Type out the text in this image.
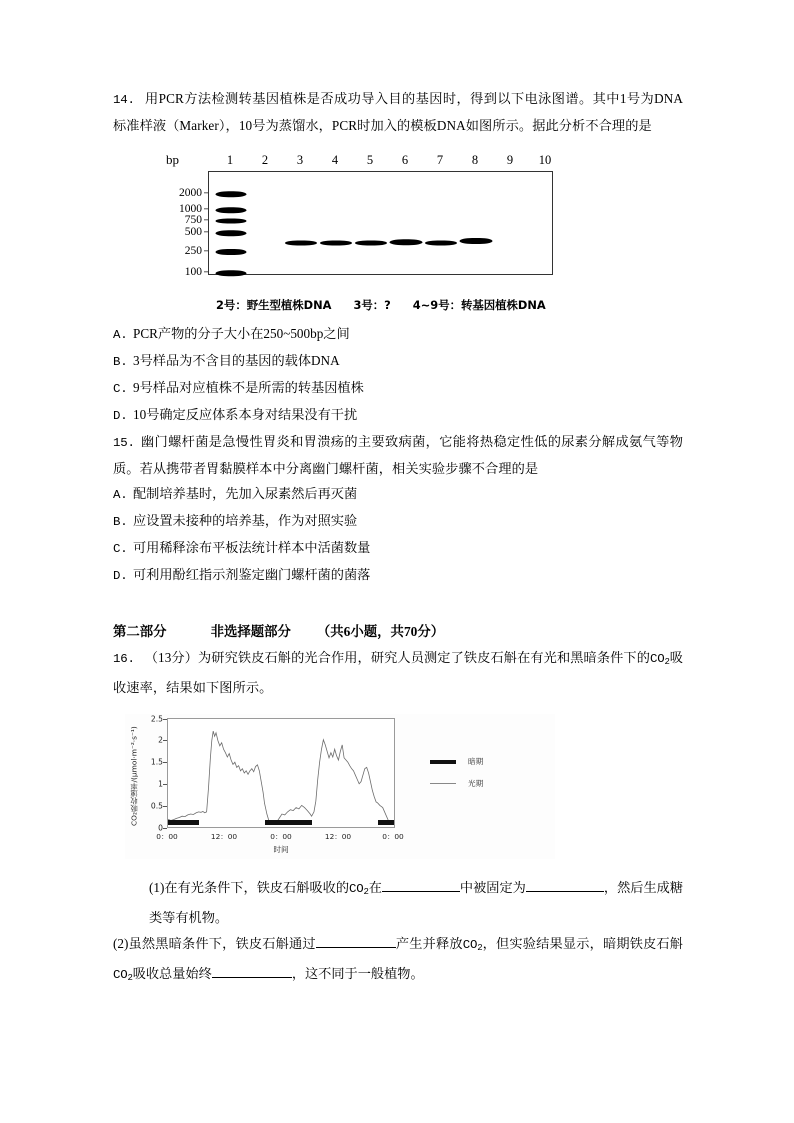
14. 用PCR方法检测转基因植株是否成功导入目的基因时，得到以下电泳图谱。其中1号为DNA标准样液（Marker），10号为蒸馏水，PCR时加入的模板DNA如图所示。据此分析不合理的是
bp	1 2 3 4 5 6 7 8 9 10
2000
1000
750
500
250
100
2号：野生型植株DNA 3号：? 4~9号：转基因植株DNA
A. PCR产物的分子大小在250~500bp之间
B. 3号样品为不含目的基因的载体DNA
C. 9号样品对应植株不是所需的转基因植株
D. 10号确定反应体系本身对结果没有干扰
15. 幽门螺杆菌是急慢性胃炎和胃溃疡的主要致病菌，它能将热稳定性低的尿素分解成氨气等物质。若从携带者胃黏膜样本中分离幽门螺杆菌，相关实验步骤不合理的是
A. 配制培养基时，先加入尿素然后再灭菌
B. 应设置未接种的培养基，作为对照实验
C. 可用稀释涂布平板法统计样本中活菌数量
D. 可利用酚红指示剂鉴定幽门螺杆菌的菌落
第二部分	非选择题部分 （共6小题，共70分）
16. （13分）为研究铁皮石斛的光合作用，研究人员测定了铁皮石斛在有光和黑暗条件下的$CO_2$吸收速率，结果如下图所示。
CO₂吸收速率/(μmol·m⁻²·s⁻¹)
0
0.5
1
1.5
2
2.5
0：00	12：00	0：00	12：00	0：00
时间
暗期
光期
(1)在有光条件下，铁皮石斛吸收的$CO_2$在	中被固定为	，然后生成糖类等有机物。
(2)虽然黑暗条件下，铁皮石斛通过	产生并释放$CO_2$，但实验结果显示，暗期铁皮石斛$CO_2$吸收总量始终	，这不同于一般植物。
